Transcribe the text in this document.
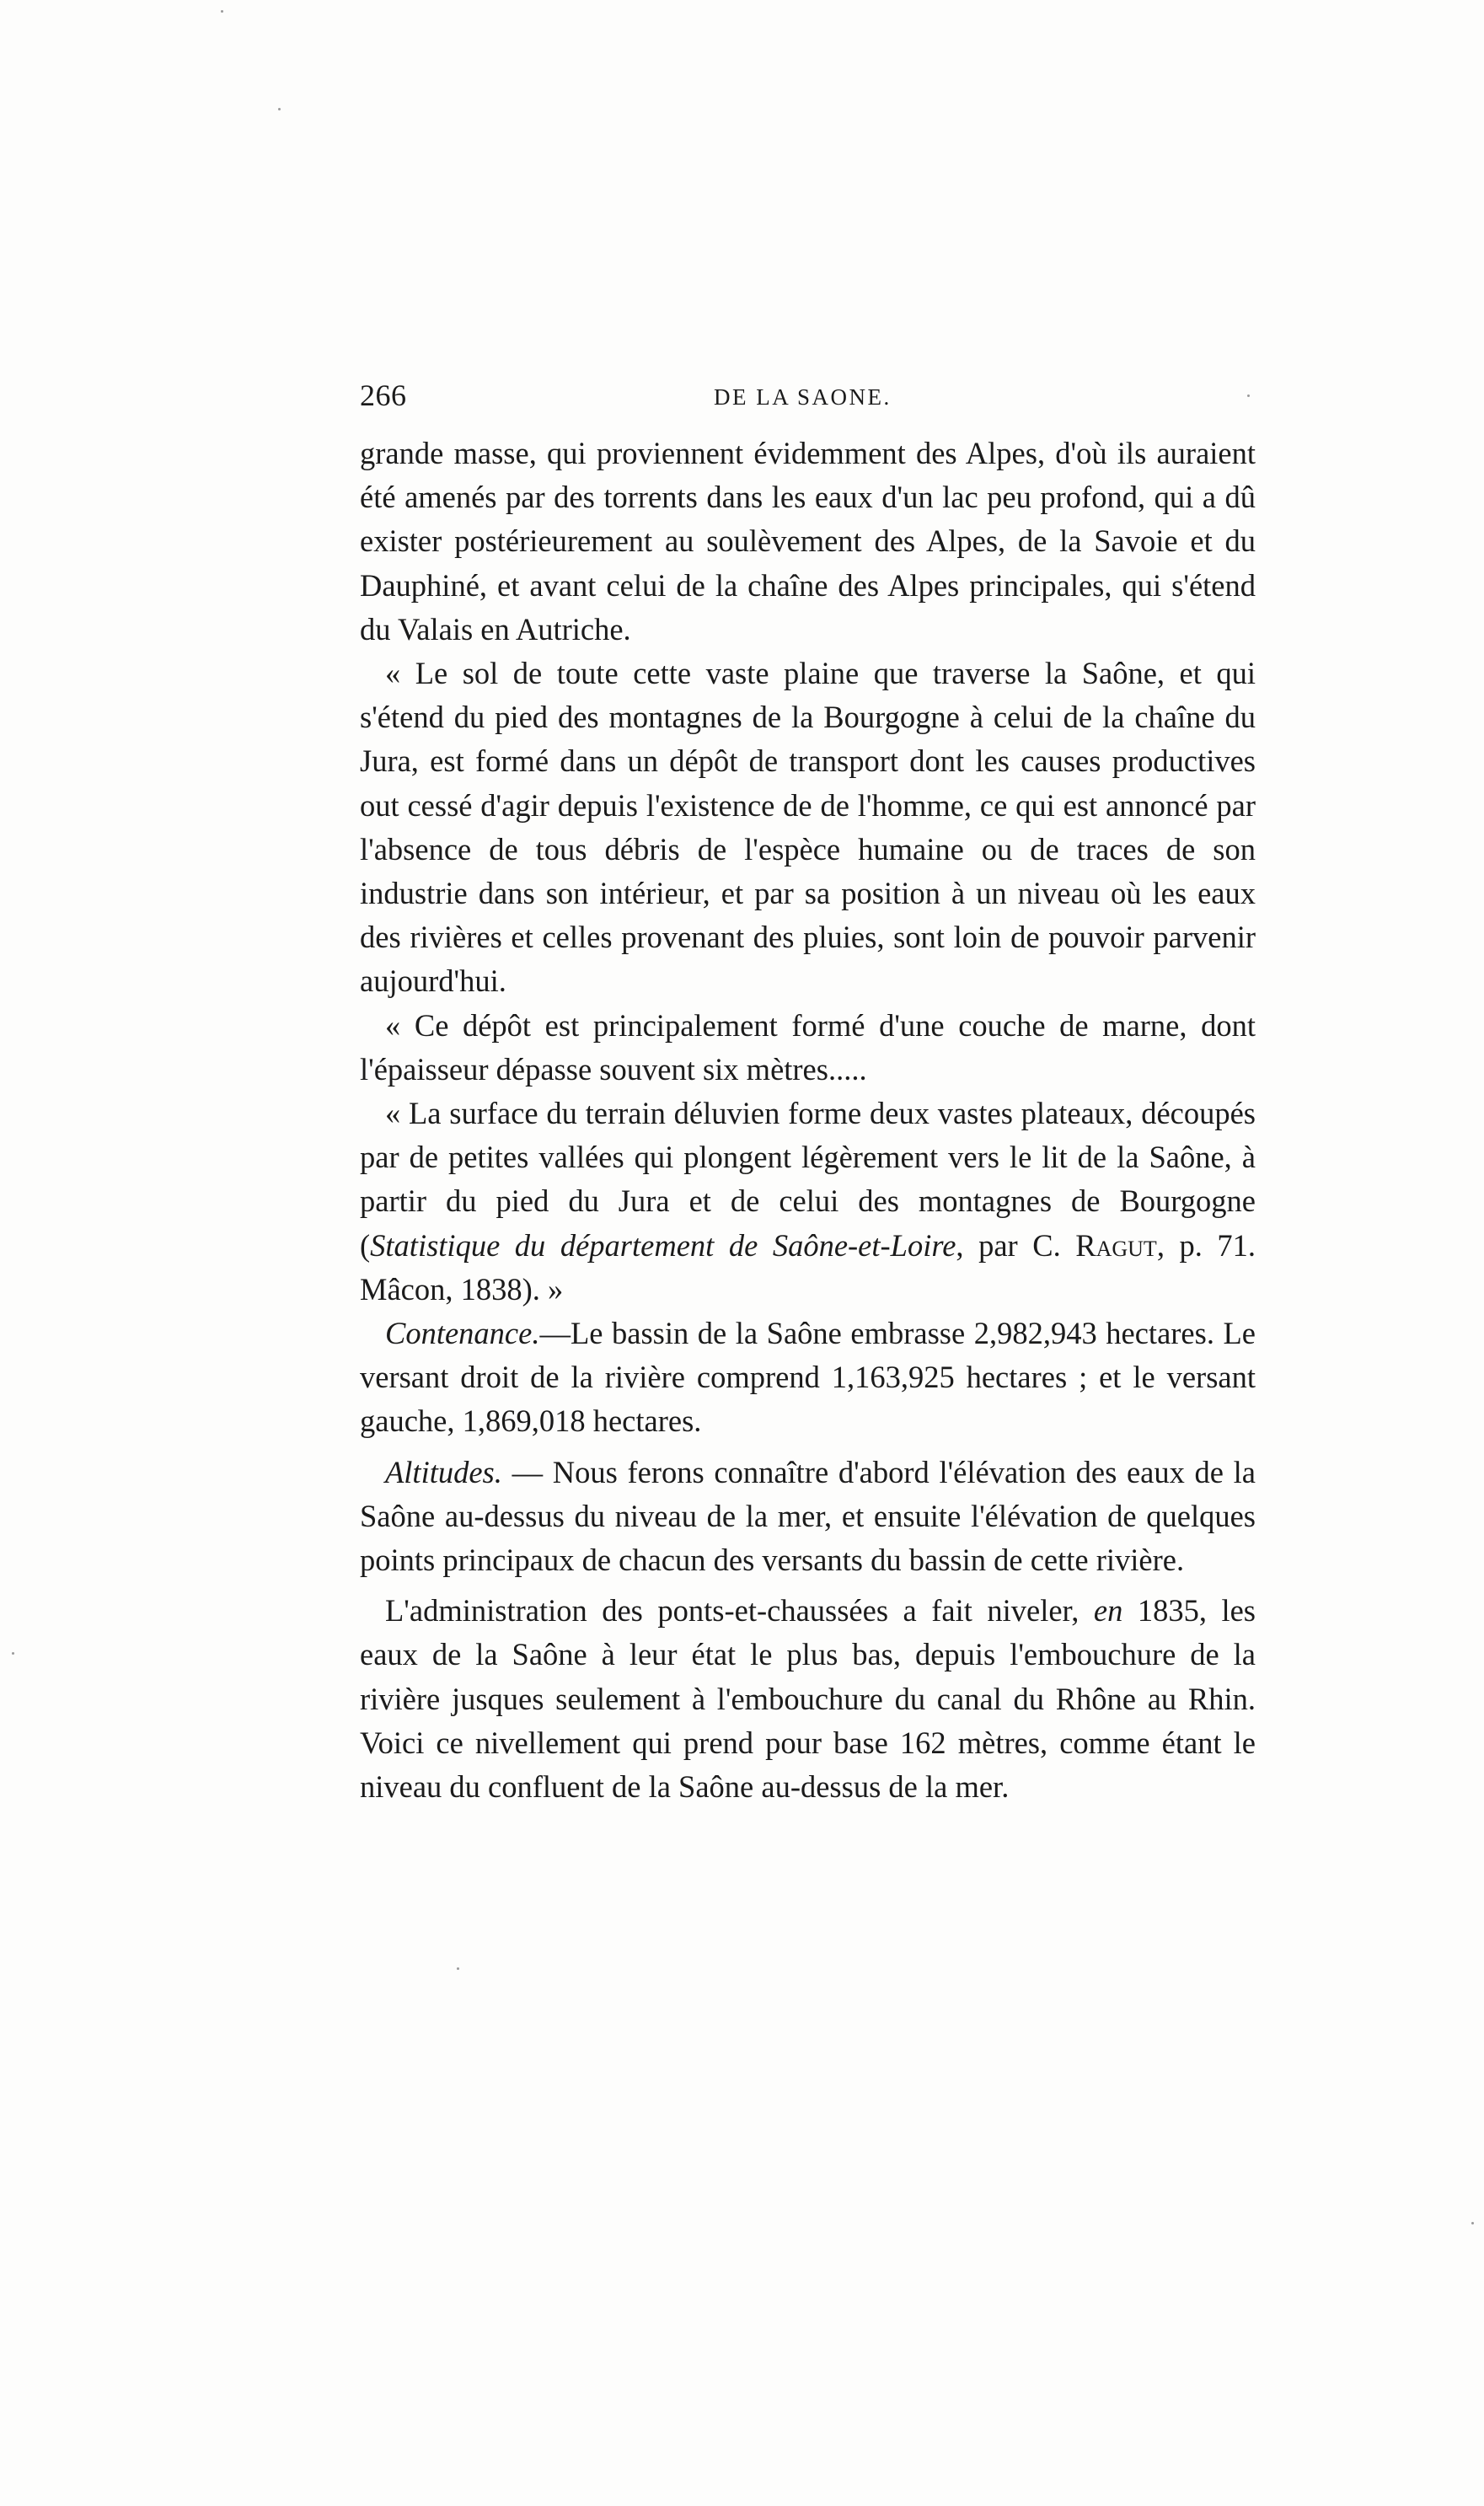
266	DE LA SAONE.

grande masse, qui proviennent évidemment des Alpes, d'où ils auraient été amenés par des torrents dans les eaux d'un lac peu profond, qui a dû exister postérieurement au soulèvement des Alpes, de la Savoie et du Dauphiné, et avant celui de la chaîne des Alpes principales, qui s'étend du Valais en Autriche.

« Le sol de toute cette vaste plaine que traverse la Saône, et qui s'étend du pied des montagnes de la Bourgogne à celui de la chaîne du Jura, est formé dans un dépôt de transport dont les causes productives out cessé d'agir depuis l'existence de de l'homme, ce qui est annoncé par l'absence de tous débris de l'espèce humaine ou de traces de son industrie dans son intérieur, et par sa position à un niveau où les eaux des rivières et celles provenant des pluies, sont loin de pouvoir parvenir aujourd'hui.

« Ce dépôt est principalement formé d'une couche de marne, dont l'épaisseur dépasse souvent six mètres.....

« La surface du terrain déluvien forme deux vastes plateaux, découpés par de petites vallées qui plongent légèrement vers le lit de la Saône, à partir du pied du Jura et de celui des montagnes de Bourgogne (Statistique du département de Saône-et-Loire, par C. Ragut, p. 71. Mâcon, 1838). »

Contenance.—Le bassin de la Saône embrasse 2,982,943 hectares. Le versant droit de la rivière comprend 1,163,925 hectares ; et le versant gauche, 1,869,018 hectares.

Altitudes. — Nous ferons connaître d'abord l'élévation des eaux de la Saône au-dessus du niveau de la mer, et ensuite l'élévation de quelques points principaux de chacun des versants du bassin de cette rivière.

L'administration des ponts-et-chaussées a fait niveler, en 1835, les eaux de la Saône à leur état le plus bas, depuis l'embouchure de la rivière jusques seulement à l'embouchure du canal du Rhône au Rhin. Voici ce nivellement qui prend pour base 162 mètres, comme étant le niveau du confluent de la Saône au-dessus de la mer.
